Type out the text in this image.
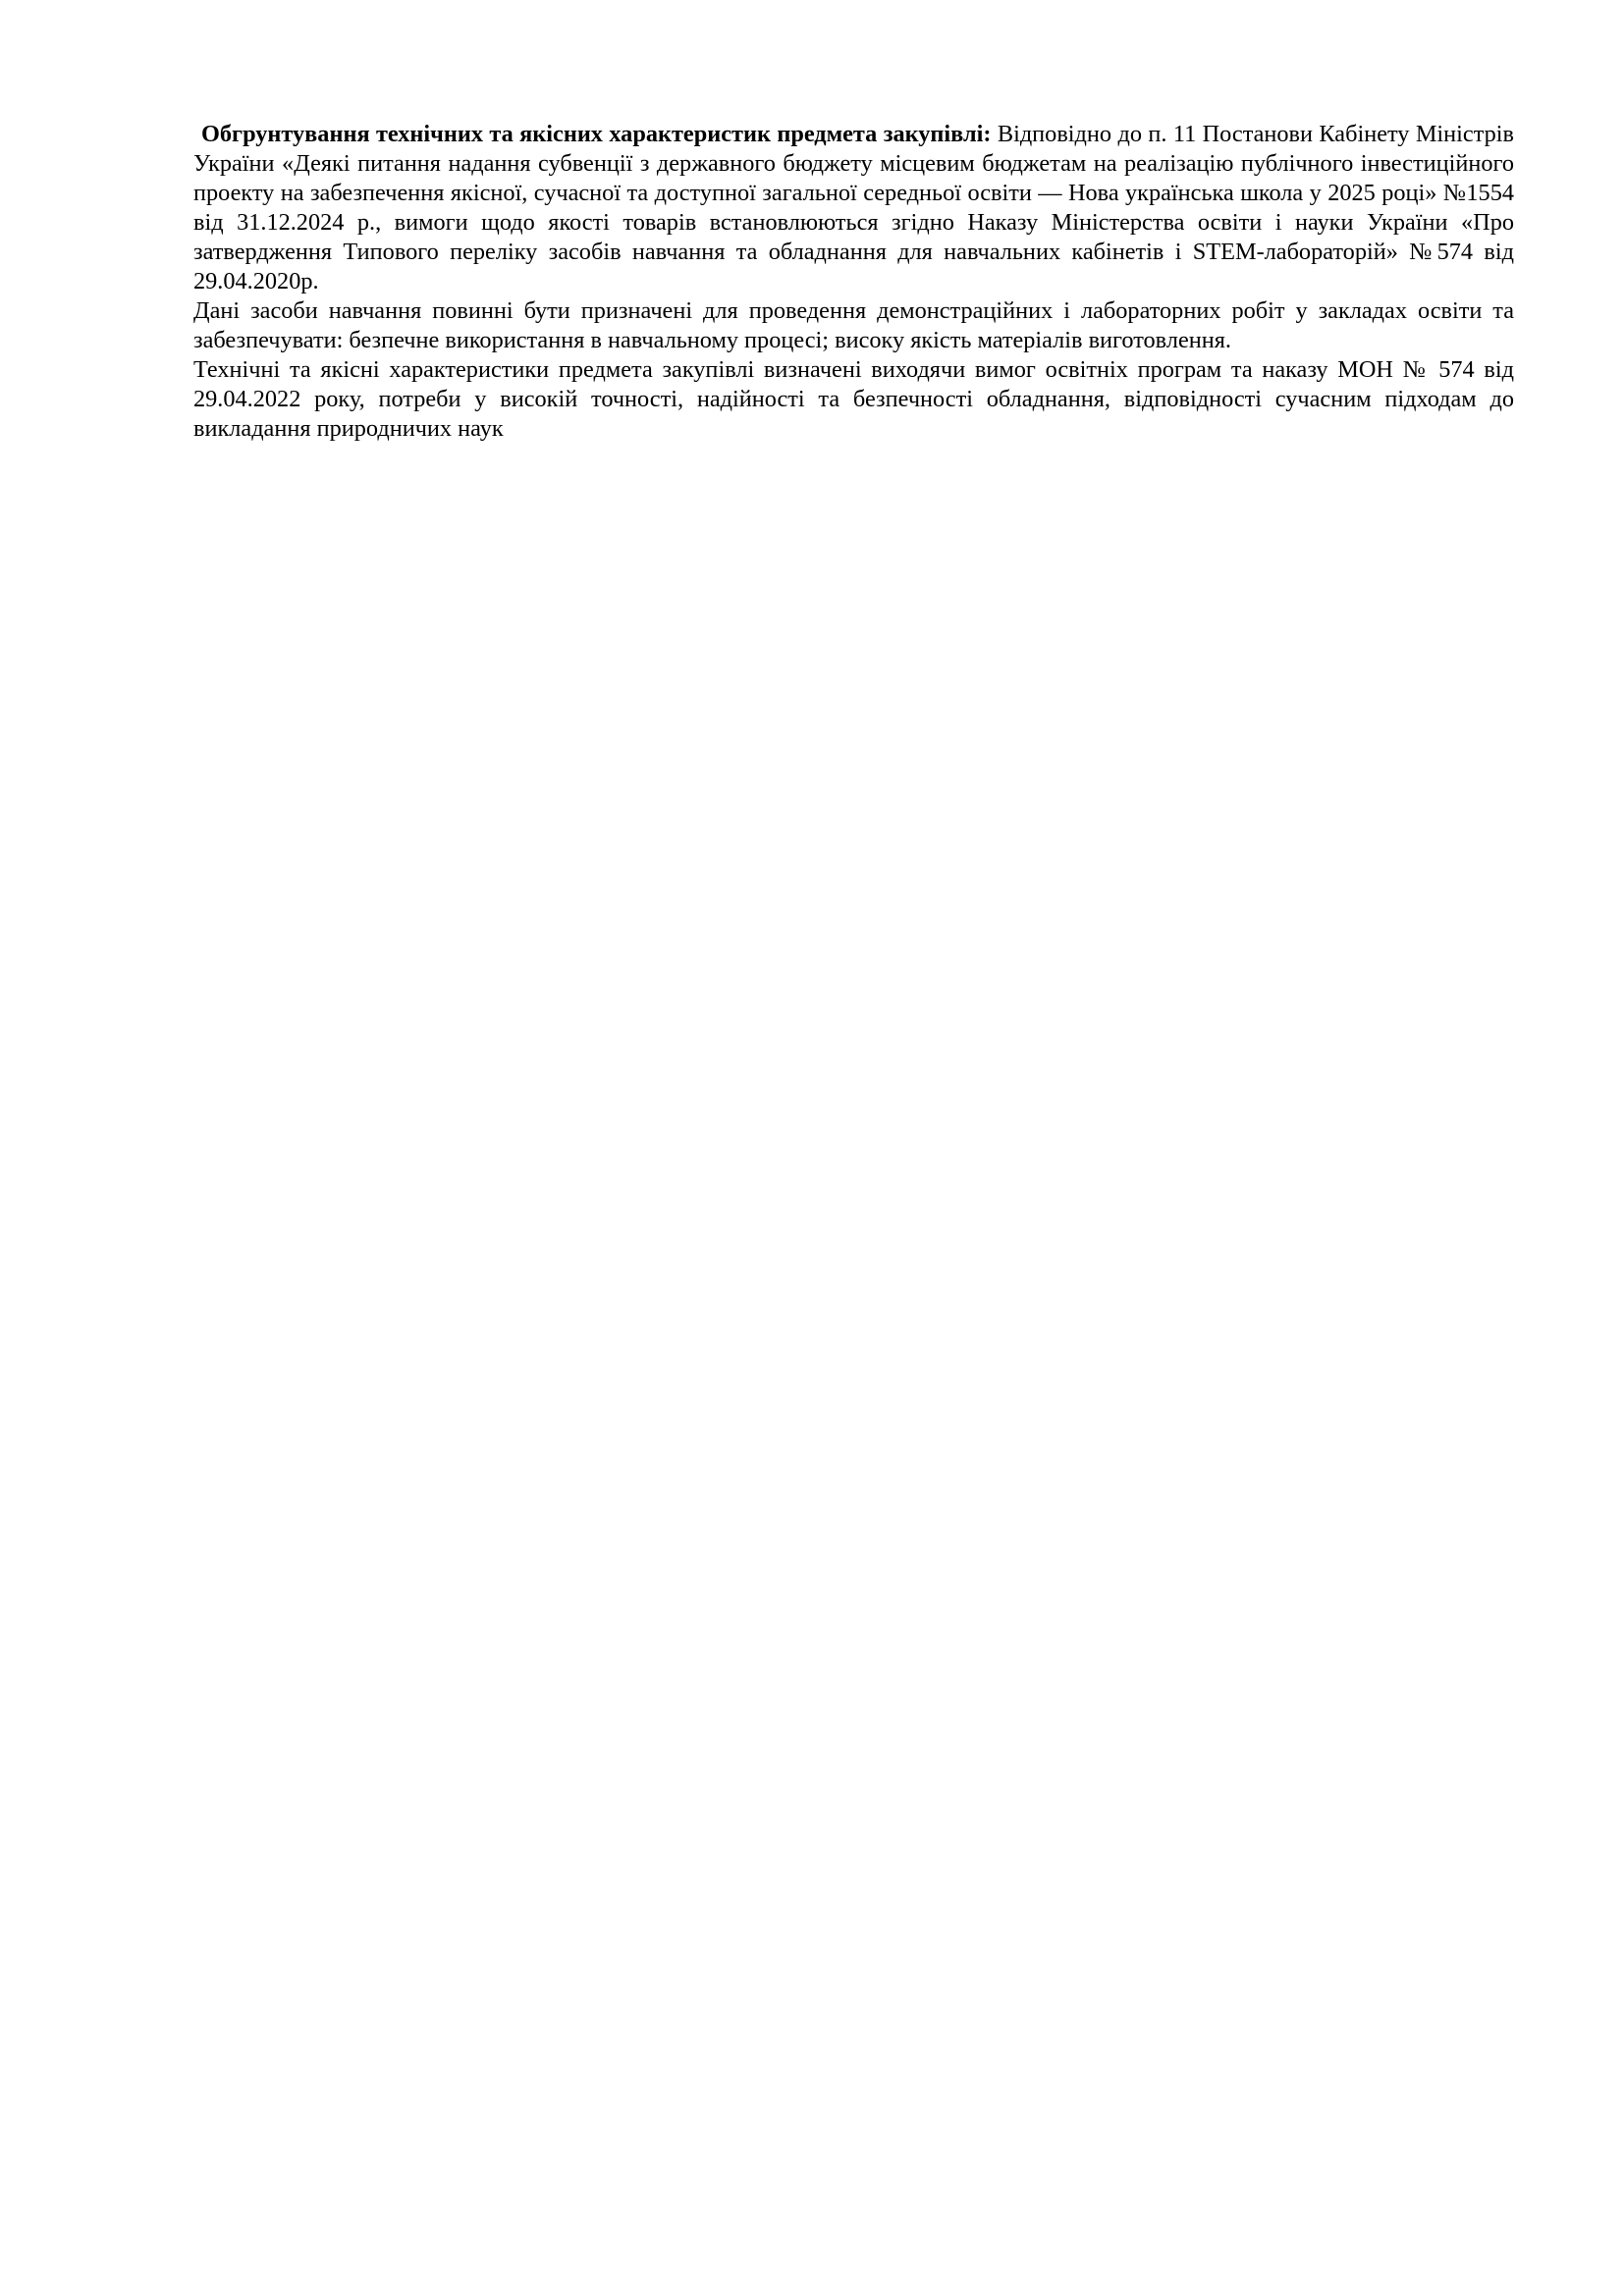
Обгрунтування технічних та якісних характеристик предмета закупівлі: Відповідно до п. 11 Постанови Кабінету Міністрів України «Деякі питання надання субвенції з державного бюджету місцевим бюджетам на реалізацію публічного інвестиційного проекту на забезпечення якісної, сучасної та доступної загальної середньої освіти — Нова українська школа у 2025 році» №1554 від 31.12.2024 р., вимоги щодо якості товарів встановлюються згідно Наказу Міністерства освіти і науки України «Про затвердження Типового переліку засобів навчання та обладнання для навчальних кабінетів і STEM-лабораторій» №574 від 29.04.2020р.

Дані засоби навчання повинні бути призначені для проведення демонстраційних і лабораторних робіт у закладах освіти та забезпечувати: безпечне використання в навчальному процесі; високу якість матеріалів виготовлення.

Технічні та якісні характеристики предмета закупівлі визначені виходячи вимог освітніх програм та наказу МОН № 574 від 29.04.2022 року, потреби у високій точності, надійності та безпечності обладнання, відповідності сучасним підходам до викладання природничих наук
